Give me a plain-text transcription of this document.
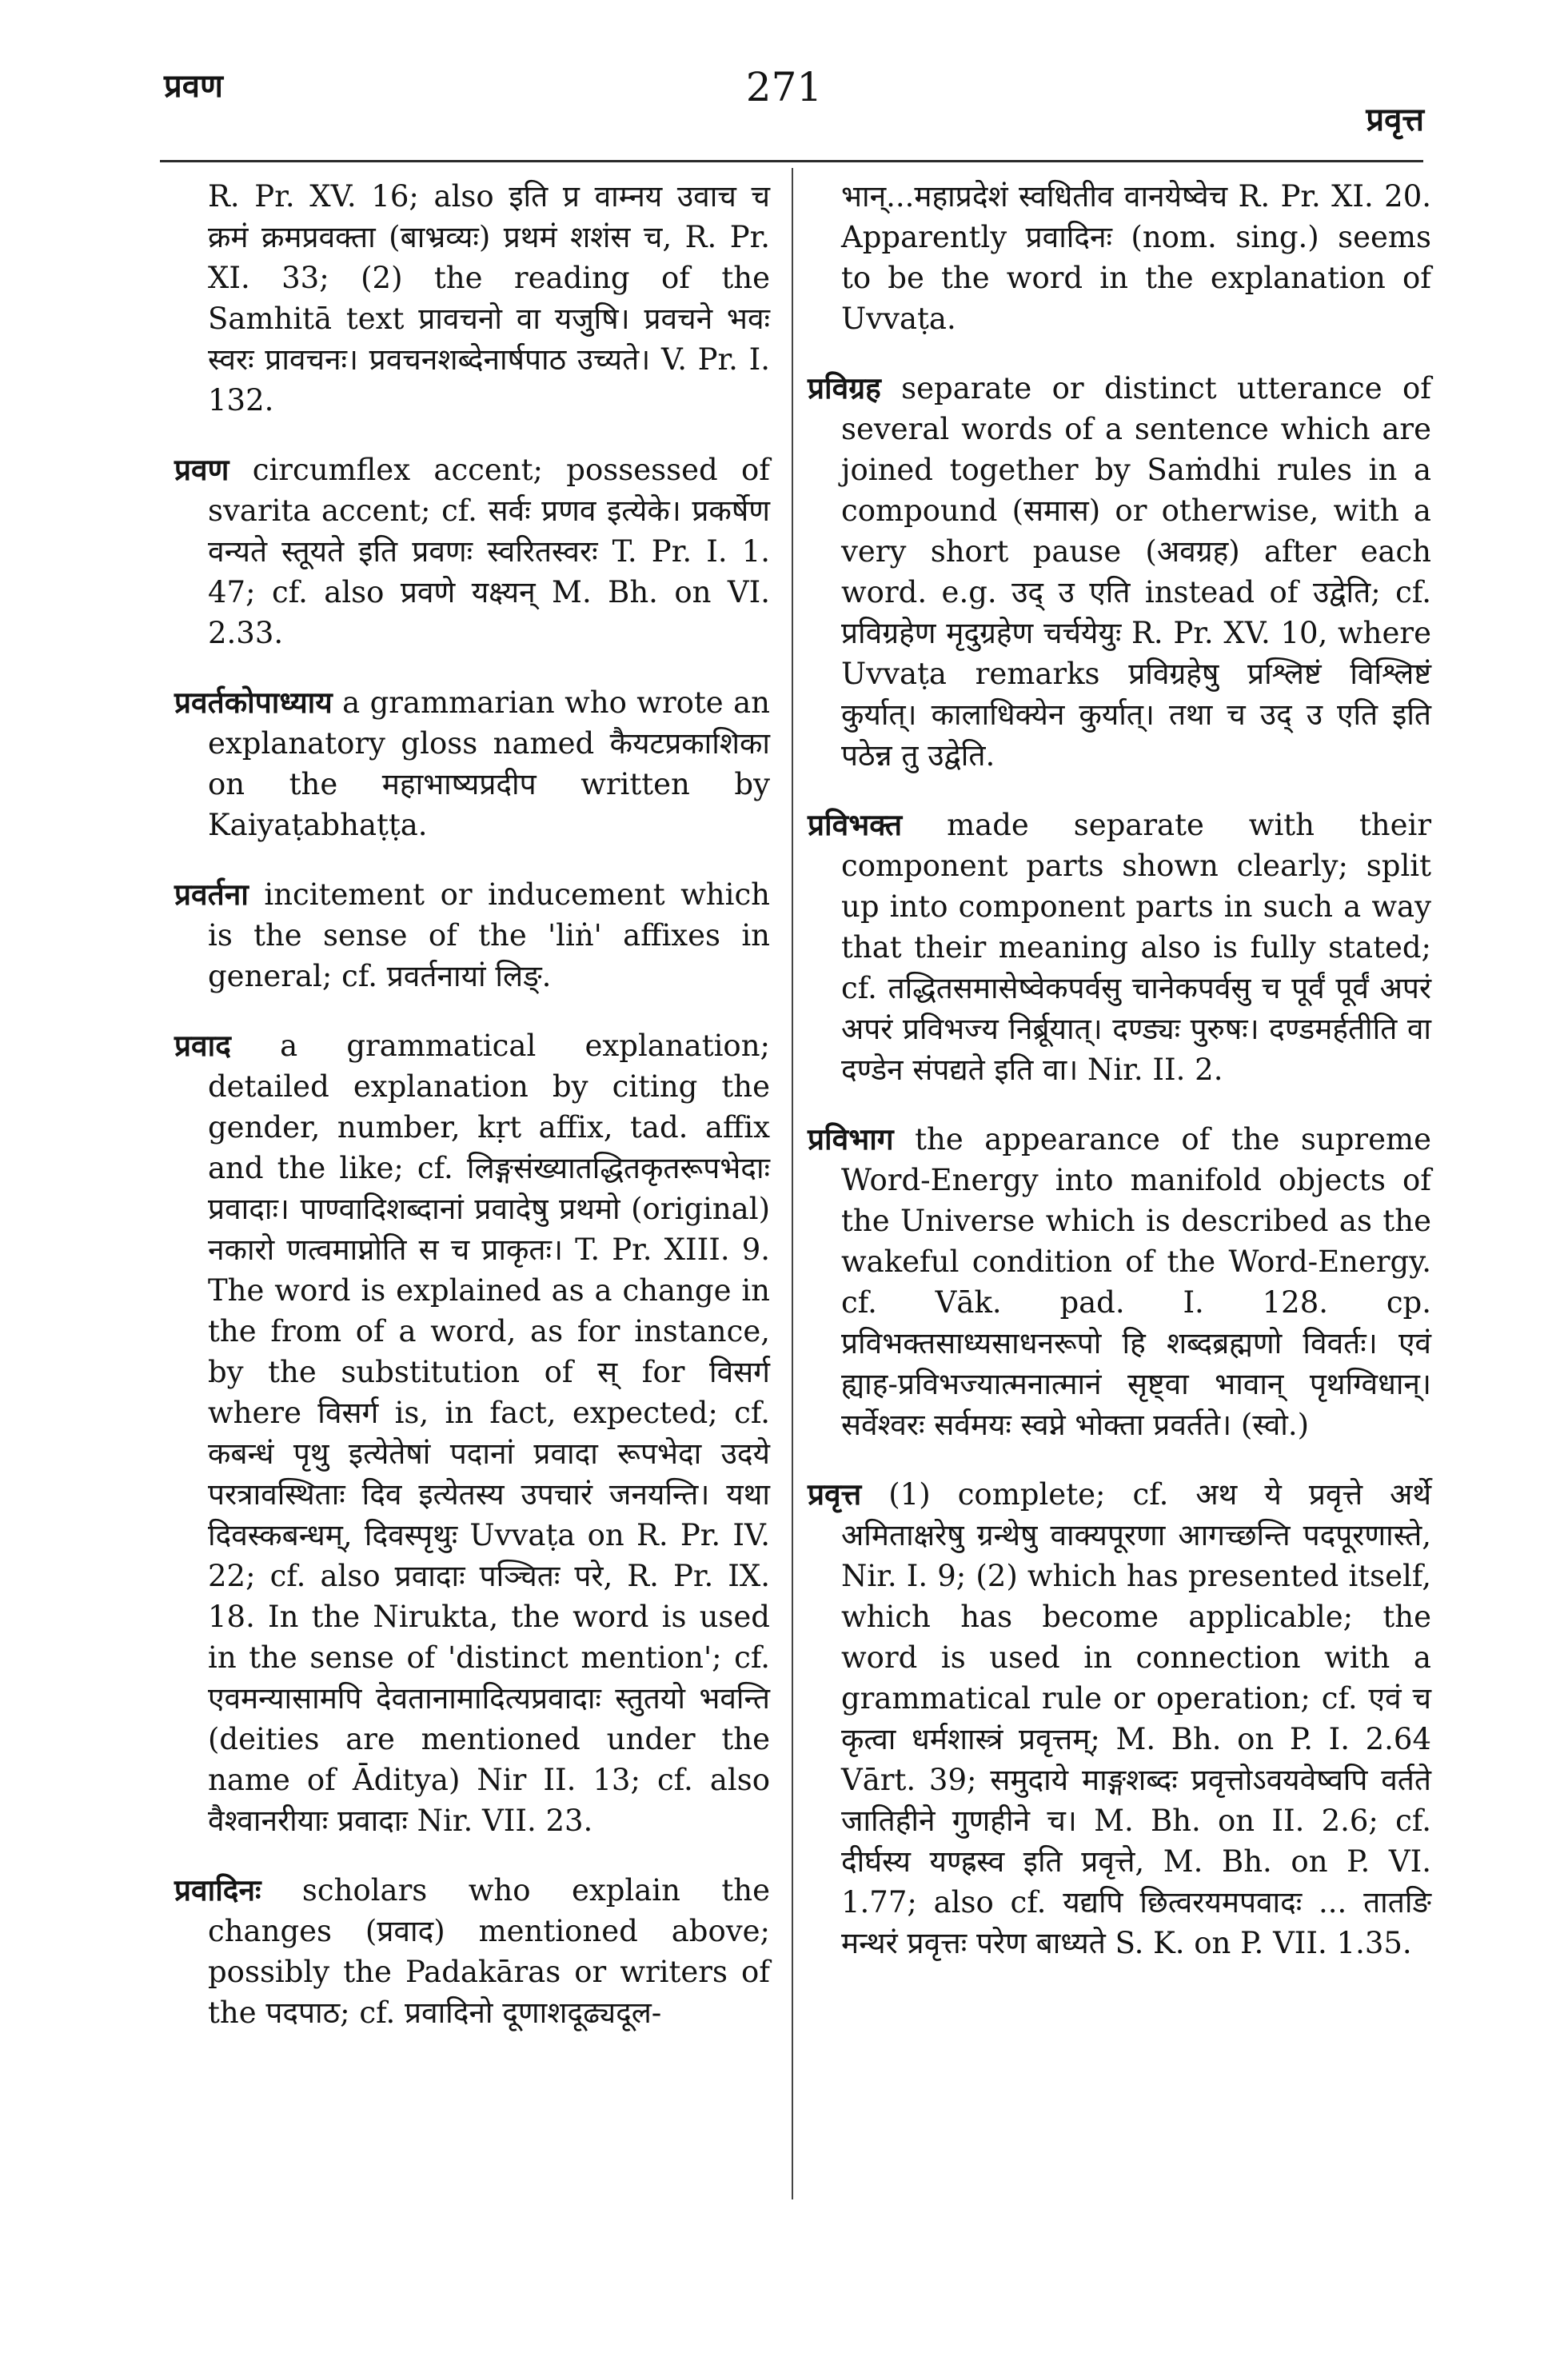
प्रवण	271
प्रवृत्त

R. Pr. XV. 16; also इति प्र वाम्नय उवाच च क्रमं क्रमप्रवक्ता (बाभ्रव्यः) प्रथमं शशंस च, R. Pr. XI. 33; (2) the reading of the Samhitā text प्रावचनो वा यजुषि। प्रवचने भवः स्वरः प्रावचनः। प्रवचनशब्देनार्षपाठ उच्यते। V. Pr. I. 132.

प्रवण circumflex accent; possessed of svarita accent; cf. सर्वः प्रणव इत्येके। प्रकर्षेण वन्यते स्तूयते इति प्रवणः स्वरितस्वरः T. Pr. I. 1. 47; cf. also प्रवणे यक्ष्यन् M. Bh. on VI. 2.33.

प्रवर्तकोपाध्याय a grammarian who wrote an explanatory gloss named कैयटप्रकाशिका on the महाभाष्यप्रदीप written by Kaiyaṭabhaṭṭa.

प्रवर्तना incitement or inducement which is the sense of the 'liṅ' affixes in general; cf. प्रवर्तनायां लिङ्.

प्रवाद a grammatical explanation; detailed explanation by citing the gender, number, kṛt affix, tad. affix and the like; cf. लिङ्गसंख्यातद्धितकृतरूपभेदाः प्रवादाः। पाण्वादिशब्दानां प्रवादेषु प्रथमो (original) नकारो णत्वमाप्नोति स च प्राकृतः। T. Pr. XIII. 9. The word is explained as a change in the from of a word, as for instance, by the substitution of स् for विसर्ग where विसर्ग is, in fact, expected; cf. कबन्धं पृथु इत्येतेषां पदानां प्रवादा रूपभेदा उदये परत्रावस्थिताः दिव इत्येतस्य उपचारं जनयन्ति। यथा दिवस्कबन्धम्, दिवस्पृथुः Uvvaṭa on R. Pr. IV. 22; cf. also प्रवादाः पञ्चितः परे, R. Pr. IX. 18. In the Nirukta, the word is used in the sense of 'distinct mention'; cf. एवमन्यासामपि देवतानामादित्यप्रवादाः स्तुतयो भवन्ति (deities are mentioned under the name of Āditya) Nir II. 13; cf. also वैश्वानरीयाः प्रवादाः Nir. VII. 23.

प्रवादिनः scholars who explain the changes (प्रवाद) mentioned above; possibly the Padakāras or writers of the पदपाठ; cf. प्रवादिनो दूणाशदूढ्यदूल-

भान्...महाप्रदेशं स्वधितीव वानयेष्वेच R. Pr. XI. 20. Apparently प्रवादिनः (nom. sing.) seems to be the word in the explanation of Uvvaṭa.

प्रविग्रह separate or distinct utterance of several words of a sentence which are joined together by Saṁdhi rules in a compound (समास) or otherwise, with a very short pause (अवग्रह) after each word. e.g. उद् उ एति instead of उद्वेति; cf. प्रविग्रहेण मृदुग्रहेण चर्चयेयुः R. Pr. XV. 10, where Uvvaṭa remarks प्रविग्रहेषु प्रश्लिष्टं विश्लिष्टं कुर्यात्। कालाधिक्येन कुर्यात्। तथा च उद् उ एति इति पठेन्न तु उद्वेति.

प्रविभक्त made separate with their component parts shown clearly; split up into component parts in such a way that their meaning also is fully stated; cf. तद्धितसमासेष्वेकपर्वसु चानेकपर्वसु च पूर्वं पूर्वं अपरं अपरं प्रविभज्य निर्ब्रूयात्। दण्ड्यः पुरुषः। दण्डमर्हतीति वा दण्डेन संपद्यते इति वा। Nir. II. 2.

प्रविभाग the appearance of the supreme Word-Energy into manifold objects of the Universe which is described as the wakeful condition of the Word-Energy. cf. Vāk. pad. I. 128. cp. प्रविभक्तसाध्यसाधनरूपो हि शब्दब्रह्मणो विवर्तः। एवं ह्याह-प्रविभज्यात्मनात्मानं सृष्ट्वा भावान् पृथग्विधान्। सर्वेश्वरः सर्वमयः स्वप्ने भोक्ता प्रवर्तते। (स्वो.)

प्रवृत्त (1) complete; cf. अथ ये प्रवृत्ते अर्थे अमिताक्षरेषु ग्रन्थेषु वाक्यपूरणा आगच्छन्ति पदपूरणास्ते, Nir. I. 9; (2) which has presented itself, which has become applicable; the word is used in connection with a grammatical rule or operation; cf. एवं च कृत्वा धर्मशास्त्रं प्रवृत्तम्; M. Bh. on P. I. 2.64 Vārt. 39; समुदाये माङ्गशब्दः प्रवृत्तोऽवयवेष्वपि वर्तते जातिहीने गुणहीने च। M. Bh. on II. 2.6; cf. दीर्घस्य यण्ह्रस्व इति प्रवृत्ते, M. Bh. on P. VI. 1.77; also cf. यद्यपि छित्वरयमपवादः ... तातङि मन्थरं प्रवृत्तः परेण बाध्यते S. K. on P. VII. 1.35.
